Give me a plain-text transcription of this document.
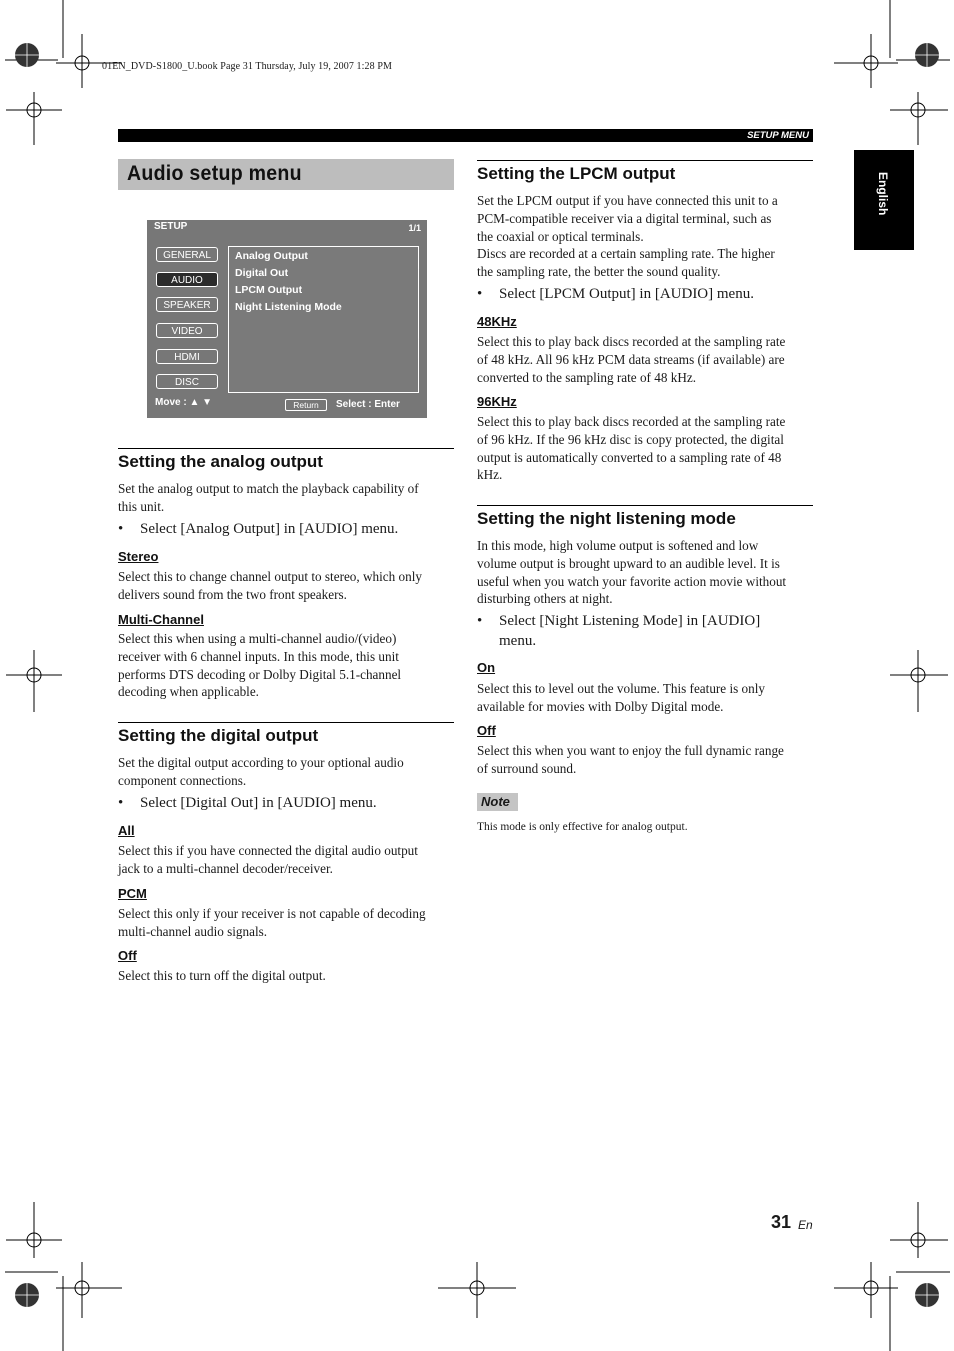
01EN_DVD-S1800_U.book Page 31 Thursday, July 19, 2007 1:28 PM
SETUP MENU
English
Audio setup menu
SETUP	1/1
GENERAL
AUDIO
SPEAKER
VIDEO
HDMI
DISC
Analog Output
Digital Out
LPCM Output
Night Listening Mode
Move : ▲ ▼	Return	Select : Enter
Setting the analog output
Set the analog output to match the playback capability of
this unit.
• Select [Analog Output] in [AUDIO] menu.
Stereo
Select this to change channel output to stereo, which only
delivers sound from the two front speakers.
Multi-Channel
Select this when using a multi-channel audio/(video)
receiver with 6 channel inputs. In this mode, this unit
performs DTS decoding or Dolby Digital 5.1-channel
decoding when applicable.
Setting the digital output
Set the digital output according to your optional audio
component connections.
• Select [Digital Out] in [AUDIO] menu.
All
Select this if you have connected the digital audio output
jack to a multi-channel decoder/receiver.
PCM
Select this only if your receiver is not capable of decoding
multi-channel audio signals.
Off
Select this to turn off the digital output.
Setting the LPCM output
Set the LPCM output if you have connected this unit to a
PCM-compatible receiver via a digital terminal, such as
the coaxial or optical terminals.
Discs are recorded at a certain sampling rate. The higher
the sampling rate, the better the sound quality.
• Select [LPCM Output] in [AUDIO] menu.
48KHz
Select this to play back discs recorded at the sampling rate
of 48 kHz. All 96 kHz PCM data streams (if available) are
converted to the sampling rate of 48 kHz.
96KHz
Select this to play back discs recorded at the sampling rate
of 96 kHz. If the 96 kHz disc is copy protected, the digital
output is automatically converted to a sampling rate of 48
kHz.
Setting the night listening mode
In this mode, high volume output is softened and low
volume output is brought upward to an audible level. It is
useful when you watch your favorite action movie without
disturbing others at night.
• Select [Night Listening Mode] in [AUDIO]
menu.
On
Select this to level out the volume. This feature is only
available for movies with Dolby Digital mode.
Off
Select this when you want to enjoy the full dynamic range
of surround sound.
Note
This mode is only effective for analog output.
31 En
